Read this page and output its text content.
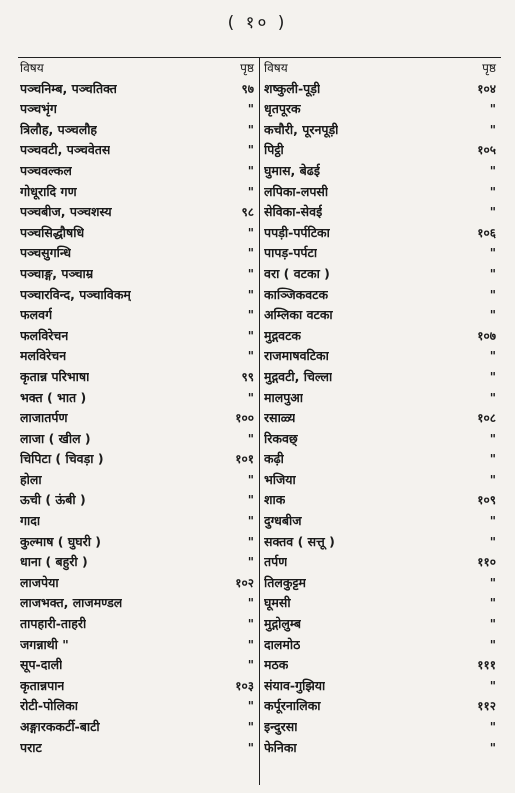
( १० )
विषय	पृष्ठ
पञ्चनिम्ब, पञ्चतिक्त	९७
पञ्चभृंग	"
त्रिलौह, पञ्चलौह	"
पञ्चवटी, पञ्चवेतस	"
पञ्चवल्कल	"
गोधूरादि गण	"
पञ्चबीज, पञ्चशस्य	९८
पञ्चसिद्धौषधि	"
पञ्चसुगन्धि	"
पञ्चाङ्ग, पञ्चाम्र	"
पञ्चारविन्द, पञ्चाविकम्	"
फलवर्ग	"
फलविरेचन	"
मलविरेचन	"
कृतान्न परिभाषा	९९
भक्त ( भात )	"
लाजातर्पण	१००
लाजा ( खील )	"
चिपिटा ( चिवड़ा )	१०१
होला	"
ऊची ( ऊंबी )	"
गादा	"
कुल्माष ( घुघरी )	"
धाना ( बहुरी )	"
लाजपेया	१०२
लाजभक्त, लाजमण्डल	"
तापहारी-ताहरी	"
जगन्नाथी "	"
सूप-दाली	"
कृतान्नपान	१०३
रोटी-पोलिका	"
अङ्गारककर्टी-बाटी	"
पराट	"
विषय	पृष्ठ
शष्कुली-पूड़ी	१०४
धृतपूरक	"
कचौरी, पूरनपूड़ी	"
पिट्ठी	१०५
घुमास, बेढई	"
लपिका-लपसी	"
सेविका-सेवई	"
पपड़ी-पर्पटिका	१०६
पापड़-पर्पटा	"
वरा ( वटका )	"
काञ्जिकवटक	"
अम्लिका वटका	"
मुद्गवटक	१०७
राजमाषवटिका	"
मुद्गवटी, चिल्ला	"
मालपुआ	"
रसाळ्य	१०८
रिकवछ्	"
कढ़ी	"
भजिया	"
शाक	१०९
दुग्धबीज	"
सक्तव ( सत्तू )	"
तर्पण	११०
तिलकुट्टम	"
घूमसी	"
मुद्गोलुम्ब	"
दालमोठ	"
मठक	१११
संयाव-गुझिया	"
कर्पूरनालिका	११२
इन्दुरसा	"
फेनिका	"
